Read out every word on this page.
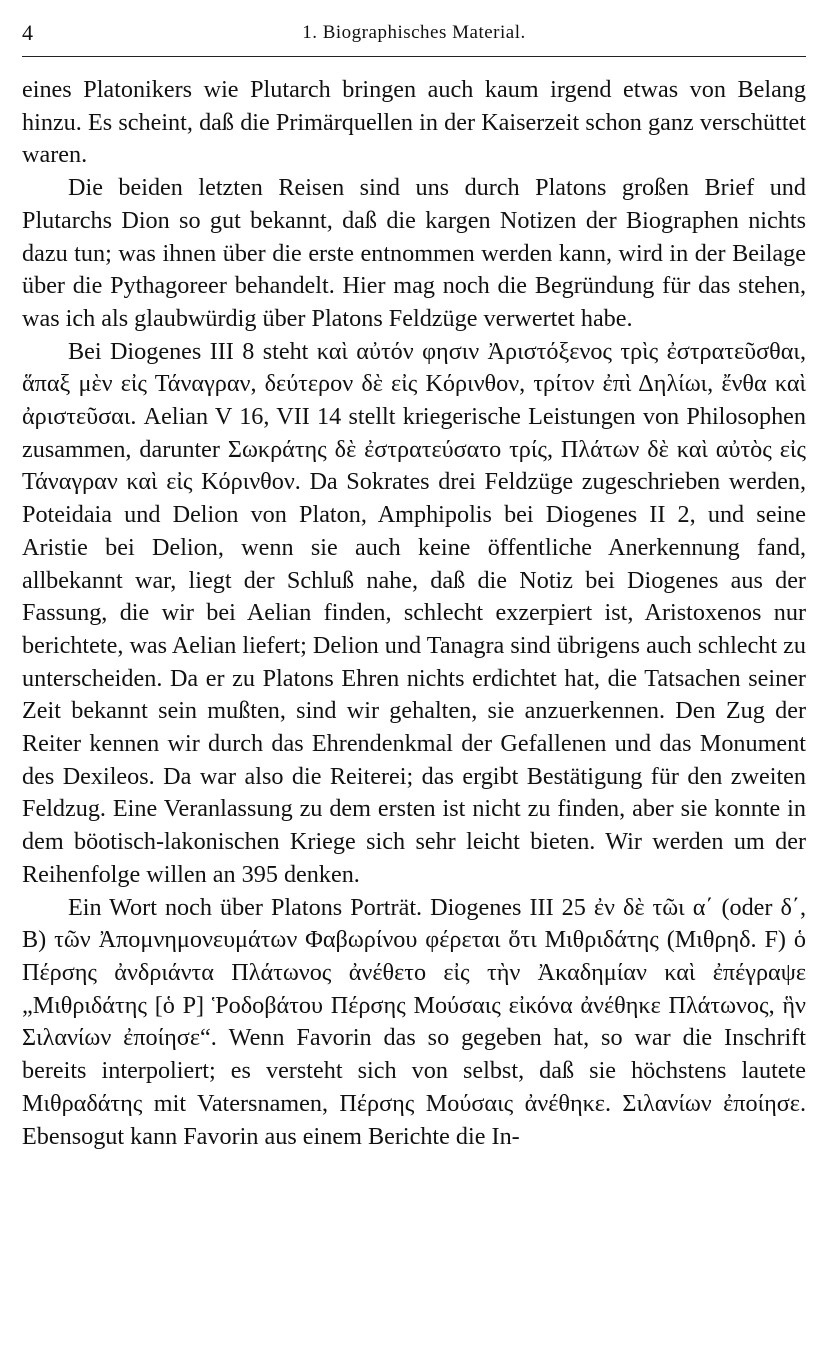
4	1. Biographisches Material.

eines Platonikers wie Plutarch bringen auch kaum irgend etwas von Belang hinzu. Es scheint, daß die Primärquellen in der Kaiserzeit schon ganz verschüttet waren.

Die beiden letzten Reisen sind uns durch Platons großen Brief und Plutarchs Dion so gut bekannt, daß die kargen Notizen der Biographen nichts dazu tun; was ihnen über die erste entnommen werden kann, wird in der Beilage über die Pythagoreer behandelt. Hier mag noch die Begründung für das stehen, was ich als glaubwürdig über Platons Feldzüge verwertet habe.

Bei Diogenes III 8 steht καὶ αὐτόν φησιν Ἀριστόξενος τρὶς ἐστρατεῦσθαι, ἅπαξ μὲν εἰς Τάναγραν, δεύτερον δὲ εἰς Κόρινθον, τρίτον ἐπὶ Δηλίωι, ἔνθα καὶ ἀριστεῦσαι. Aelian V 16, VII 14 stellt kriegerische Leistungen von Philosophen zusammen, darunter Σωκράτης δὲ ἐστρατεύσατο τρίς, Πλάτων δὲ καὶ αὐτὸς εἰς Τάναγραν καὶ εἰς Κόρινθον. Da Sokrates drei Feldzüge zugeschrieben werden, Poteidaia und Delion von Platon, Amphipolis bei Diogenes II 2, und seine Aristie bei Delion, wenn sie auch keine öffentliche Anerkennung fand, allbekannt war, liegt der Schluß nahe, daß die Notiz bei Diogenes aus der Fassung, die wir bei Aelian finden, schlecht exzerpiert ist, Aristoxenos nur berichtete, was Aelian liefert; Delion und Tanagra sind übrigens auch schlecht zu unterscheiden. Da er zu Platons Ehren nichts erdichtet hat, die Tatsachen seiner Zeit bekannt sein mußten, sind wir gehalten, sie anzuerkennen. Den Zug der Reiter kennen wir durch das Ehrendenkmal der Gefallenen und das Monument des Dexileos. Da war also die Reiterei; das ergibt Bestätigung für den zweiten Feldzug. Eine Veranlassung zu dem ersten ist nicht zu finden, aber sie konnte in dem böotisch-lakonischen Kriege sich sehr leicht bieten. Wir werden um der Reihenfolge willen an 395 denken.

Ein Wort noch über Platons Porträt. Diogenes III 25 ἐν δὲ τῶι α΄ (oder δ΄, B) τῶν Ἀπομνημονευμάτων Φαβωρίνου φέρεται ὅτι Μιθριδάτης (Μιθρηδ. F) ὁ Πέρσης ἀνδριάντα Πλάτωνος ἀνέθετο εἰς τὴν Ἀκαδημίαν καὶ ἐπέγραψε „Μιθριδάτης [ὁ P] Ῥοδοβάτου Πέρσης Μούσαις εἰκόνα ἀνέθηκε Πλάτωνος, ἣν Σιλανίων ἐποίησε“. Wenn Favorin das so gegeben hat, so war die Inschrift bereits interpoliert; es versteht sich von selbst, daß sie höchstens lautete Μιθραδάτης mit Vatersnamen, Πέρσης Μούσαις ἀνέθηκε. Σιλανίων ἐποίησε. Ebensogut kann Favorin aus einem Berichte die In-
